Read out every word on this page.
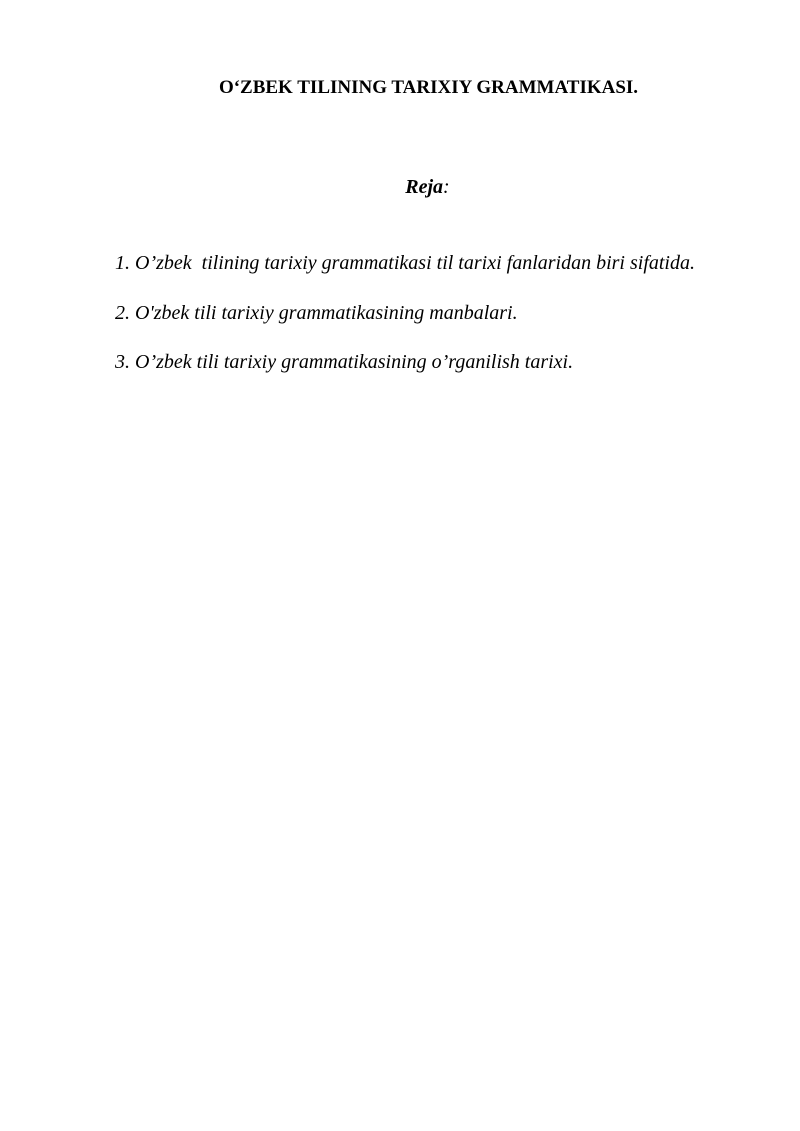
O‘ZBEK TILINING TARIXIY GRAMMATIKASI.
Reja:
1. O’zbek  tilining tarixiy grammatikasi til tarixi fanlaridan biri sifatida.
2. O'zbek tili tarixiy grammatikasining manbalari.
3. O’zbek tili tarixiy grammatikasining o’rganilish tarixi.
